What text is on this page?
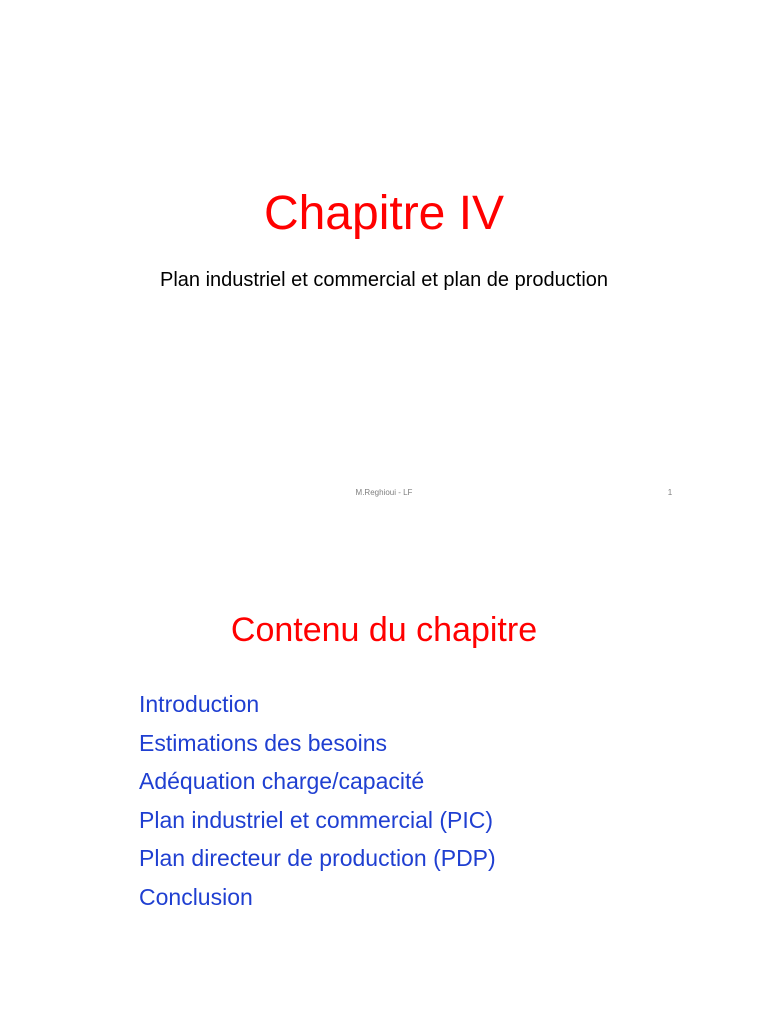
Chapitre IV
Plan industriel et commercial et plan de production
M.Reghioui - LF	1
Contenu du chapitre
Introduction
Estimations des besoins
Adéquation charge/capacité
Plan industriel et commercial (PIC)
Plan directeur de production (PDP)
Conclusion
